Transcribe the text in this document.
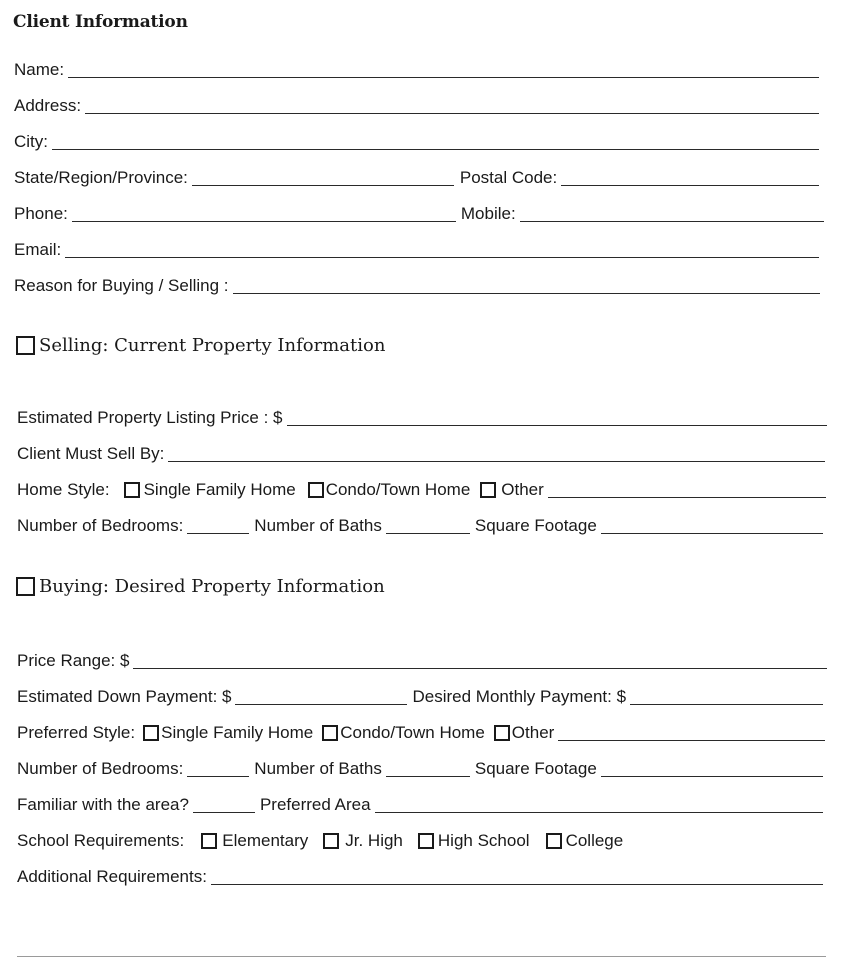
Client Information
Name:
Address:
City:
State/Region/Province:	Postal Code:
Phone:	Mobile:
Email:
Reason for Buying / Selling :
Selling: Current Property Information
Estimated Property Listing Price : $
Client Must Sell By:
Home Style: Single Family Home Condo/Town Home Other
Number of Bedrooms:	Number of Baths	Square Footage
Buying: Desired Property Information
Price Range: $
Estimated Down Payment: $	Desired Monthly Payment: $
Preferred Style: Single Family Home Condo/Town Home Other
Number of Bedrooms:	Number of Baths	Square Footage
Familiar with the area?	Preferred Area
School Requirements: Elementary Jr. High High School College
Additional Requirements:
